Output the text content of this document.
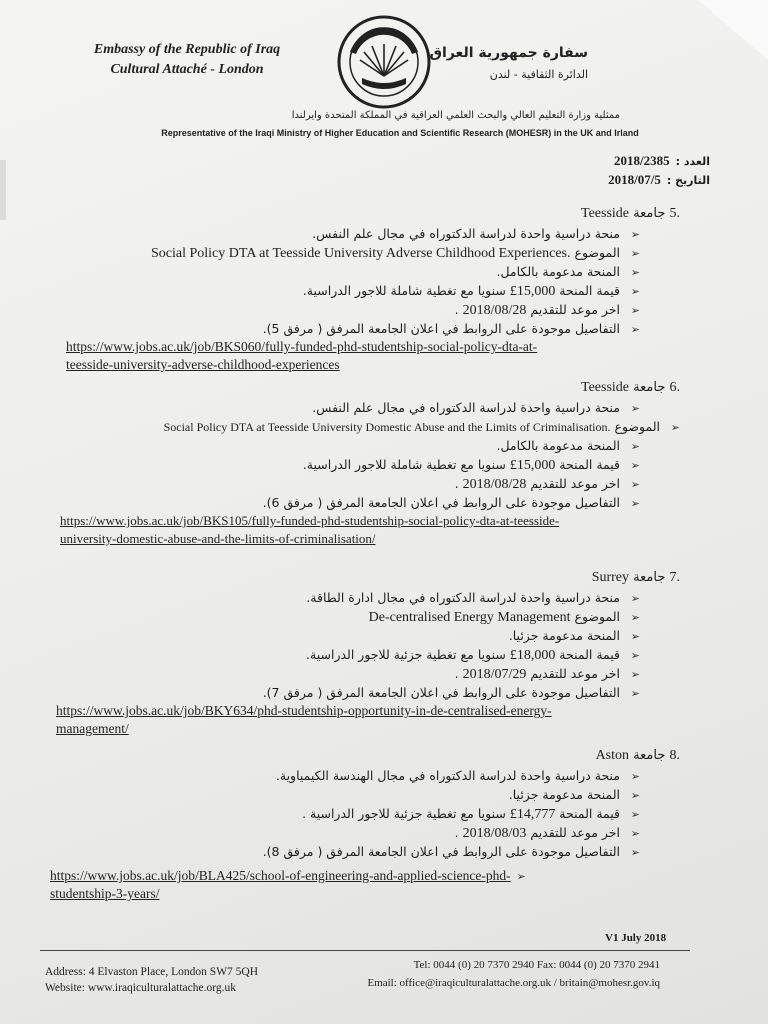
Embassy of the Republic of Iraq
Cultural Attaché - London
سفارة جمهورية العراق
الدائرة الثقافية - لندن
ممثلية وزارة التعليم العالي والبحث العلمي العراقية في المملكة المتحدة وايرلندا
Representative of the Iraqi Ministry of Higher Education and Scientific Research (MOHESR) in the UK and Irland
العدد :2018/2385
التاريخ :2018/07/5
.5 جامعة Teesside
➢منحة دراسية واحدة لدراسة الدكتوراه في مجال علم النفس.
➢الموضوع Social Policy DTA at Teesside University Adverse Childhood Experiences.
➢المنحة مدعومة بالكامل.
➢قيمة المنحة £15,000 سنويا مع تغطية شاملة للاجور الدراسية.
➢اخر موعد للتقديم 2018/08/28 .
➢التفاصيل موجودة على الروابط في اعلان الجامعة المرفق ( مرفق 5).
https://www.jobs.ac.uk/job/BKS060/fully-funded-phd-studentship-social-policy-dta-at-
teesside-university-adverse-childhood-experiences
.6 جامعة Teesside
➢منحة دراسية واحدة لدراسة الدكتوراه في مجال علم النفس.
➢الموضوع Social Policy DTA at Teesside University Domestic Abuse and the Limits of Criminalisation.
➢المنحة مدعومة بالكامل.
➢قيمة المنحة £15,000 سنويا مع تغطية شاملة للاجور الدراسية.
➢اخر موعد للتقديم 2018/08/28 .
➢التفاصيل موجودة على الروابط في اعلان الجامعة المرفق ( مرفق 6).
https://www.jobs.ac.uk/job/BKS105/fully-funded-phd-studentship-social-policy-dta-at-teesside-
university-domestic-abuse-and-the-limits-of-criminalisation/
.7 جامعة Surrey
➢منحة دراسية واحدة لدراسة الدكتوراه في مجال ادارة الطاقة.
➢الموضوع De-centralised Energy Management
➢المنحة مدعومة جزئيا.
➢قيمة المنحة £18,000 سنويا مع تغطية جزئية للاجور الدراسية.
➢اخر موعد للتقديم 2018/07/29 .
➢التفاصيل موجودة على الروابط في اعلان الجامعة المرفق ( مرفق 7).
https://www.jobs.ac.uk/job/BKY634/phd-studentship-opportunity-in-de-centralised-energy-
management/
.8 جامعة Aston
➢منحة دراسية واحدة لدراسة الدكتوراه في مجال الهندسة الكيمياوية.
➢المنحة مدعومة جزئيا.
➢قيمة المنحة £14,777 سنويا مع تغطية جزئية للاجور الدراسية .
➢اخر موعد للتقديم 2018/08/03 .
➢التفاصيل موجودة على الروابط في اعلان الجامعة المرفق ( مرفق 8).
https://www.jobs.ac.uk/job/BLA425/school-of-engineering-and-applied-science-phd- ➢
studentship-3-years/
V1 July 2018
Address: 4 Elvaston Place, London SW7 5QH
Website: www.iraqiculturalattache.org.uk
Tel: 0044 (0) 20 7370 2940 Fax: 0044 (0) 20 7370 2941
Email: office@iraqiculturalattache.org.uk / britain@mohesr.gov.iq
